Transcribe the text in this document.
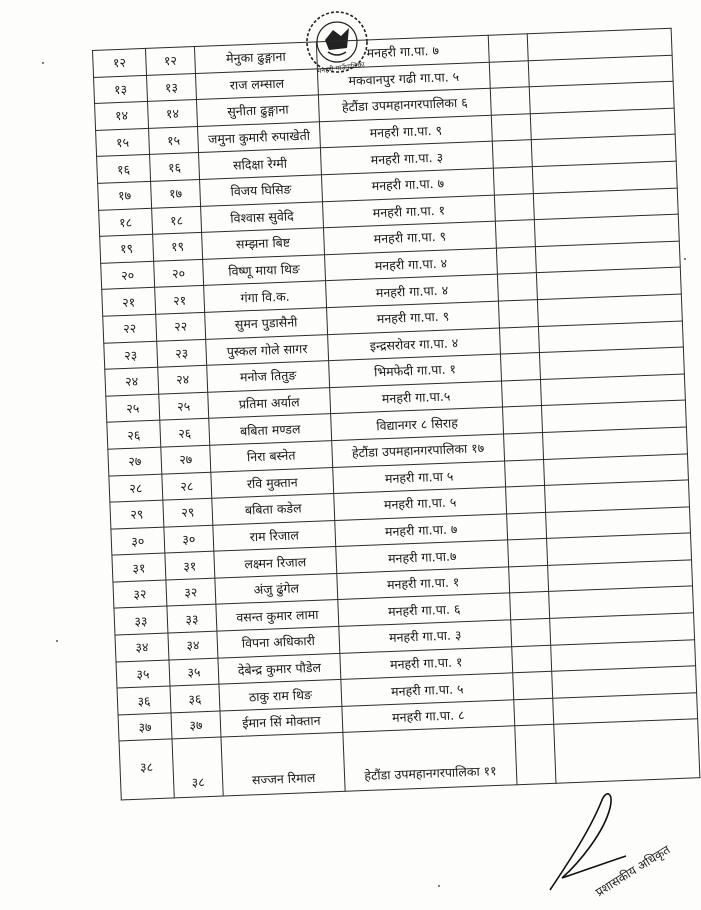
मनहरी गाउँपालिका
१२	१२	मेनुका ढुङ्गाना	मनहरी गा.पा. ७		
१३	१३	राज लम्साल	मकवानपुर गढी गा.पा. ५		
१४	१४	सुनीता ढुङ्गाना	हेटौंडा उपमहानगरपालिका ६		
१५	१५	जमुना कुमारी रुपाखेती	मनहरी गा.पा. ९		
१६	१६	सदिक्षा रेग्मी	मनहरी गा.पा. ३		
१७	१७	विजय घिसिङ	मनहरी गा.पा. ७		
१८	१८	विश्वास सुवेदि	मनहरी गा.पा. १		
१९	१९	सम्झना बिष्ट	मनहरी गा.पा. ९		
२०	२०	विष्णू माया थिङ	मनहरी गा.पा. ४		
२१	२१	गंगा वि.क.	मनहरी गा.पा. ४		
२२	२२	सुमन पुडासैनी	मनहरी गा.पा. ९		
२३	२३	पुस्कल गोले सागर	इन्द्रसरोवर गा.पा. ४		
२४	२४	मनोज तितुङ	भिमफेदी गा.पा. १		
२५	२५	प्रतिमा अर्याल	मनहरी गा.पा.५		
२६	२६	बबिता मण्डल	विद्यानगर ८ सिराह		
२७	२७	निरा बस्नेत	हेटौंडा उपमहानगरपालिका १७		
२८	२८	रवि मुक्तान	मनहरी गा.पा ५		
२९	२९	बबिता कडेल	मनहरी गा.पा. ५		
३०	३०	राम रिजाल	मनहरी गा.पा. ७		
३१	३१	लक्ष्मन रिजाल	मनहरी गा.पा.७		
३२	३२	अंजु ढुंगेल	मनहरी गा.पा. १		
३३	३३	वसन्त कुमार लामा	मनहरी गा.पा. ६		
३४	३४	विपना अधिकारी	मनहरी गा.पा. ३		
३५	३५	देबेन्द्र कुमार पौडेल	मनहरी गा.पा. १		
३६	३६	ठाकु राम थिङ	मनहरी गा.पा. ५		
३७	३७	ईमान सिं मोक्तान	मनहरी गा.पा. ८		
३८	३८	सज्जन रिमाल	हेटौंडा उपमहानगरपालिका ११		
प्रशासकीय अधिकृत
